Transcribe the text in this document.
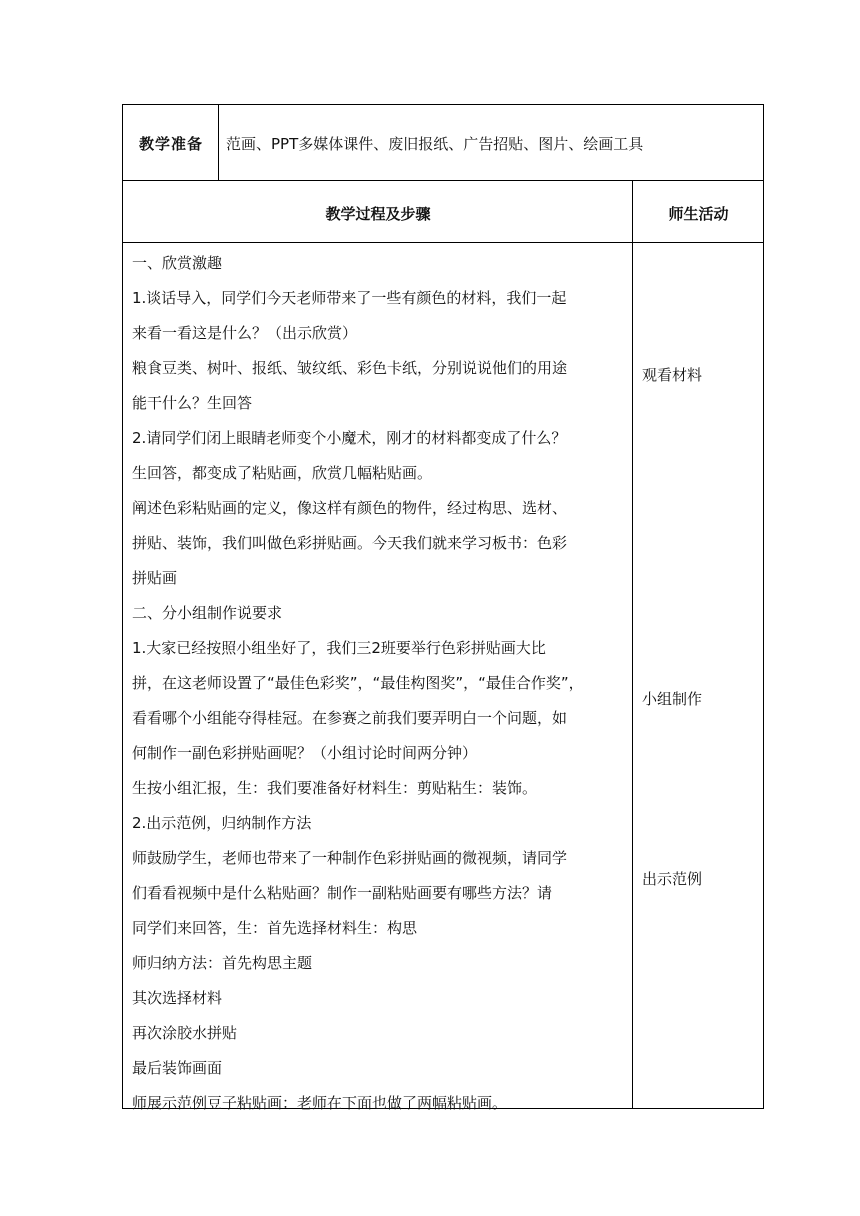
教学准备	范画、PPT多媒体课件、废旧报纸、广告招贴、图片、绘画工具
教学过程及步骤	师生活动
一、欣赏激趣
1.谈话导入，同学们今天老师带来了一些有颜色的材料，我们一起
来看一看这是什么？（出示欣赏）
粮食豆类、树叶、报纸、皱纹纸、彩色卡纸，分别说说他们的用途
能干什么？生回答
2.请同学们闭上眼睛老师变个小魔术，刚才的材料都变成了什么？
生回答，都变成了粘贴画，欣赏几幅粘贴画。
阐述色彩粘贴画的定义，像这样有颜色的物件，经过构思、选材、
拼贴、装饰，我们叫做色彩拼贴画。今天我们就来学习板书：色彩
拼贴画
二、分小组制作说要求
1.大家已经按照小组坐好了，我们三2班要举行色彩拼贴画大比
拼，在这老师设置了“最佳色彩奖”，“最佳构图奖”，“最佳合作奖”，
看看哪个小组能夺得桂冠。在参赛之前我们要弄明白一个问题，如
何制作一副色彩拼贴画呢？（小组讨论时间两分钟）
生按小组汇报，生：我们要准备好材料生：剪贴粘生：装饰。
2.出示范例，归纳制作方法
师鼓励学生，老师也带来了一种制作色彩拼贴画的微视频，请同学
们看看视频中是什么粘贴画？制作一副粘贴画要有哪些方法？请
同学们来回答，生：首先选择材料生：构思
师归纳方法：首先构思主题
其次选择材料
再次涂胶水拼贴
最后装饰画面
师展示范例豆子粘贴画：老师在下面也做了两幅粘贴画。
观看材料
小组制作
出示范例
